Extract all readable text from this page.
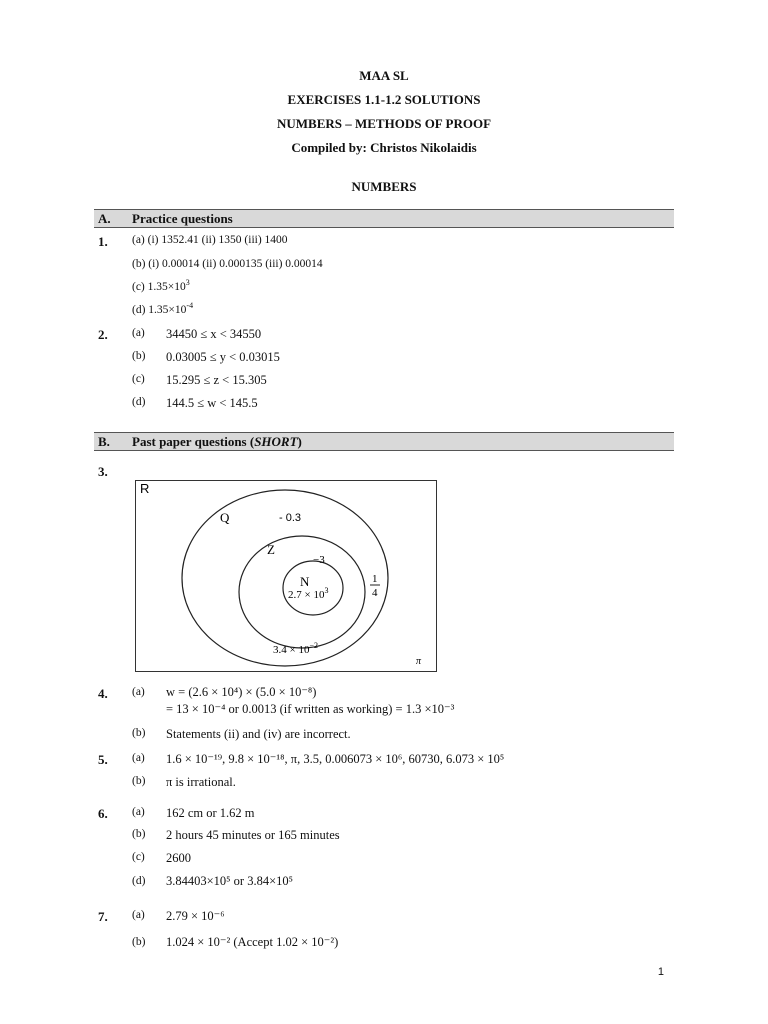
MAA SL
EXERCISES 1.1-1.2 SOLUTIONS
NUMBERS – METHODS OF PROOF
Compiled by: Christos Nikolaidis
NUMBERS
A. Practice questions
1. (a) (i) 1352.41 (ii) 1350 (iii) 1400
(b) (i) 0.00014 (ii) 0.000135 (iii) 0.00014
(c) $1.35\times 10^3$
(d) $1.35\times 10^{-4}$
2. (a) 34450 ≤ x < 34550
(b) 0.03005 ≤ y < 0.03015
(c) 15.295 ≤ z < 15.305
(d) 144.5 ≤ w < 145.5
B. Past paper questions (SHORT)
3.
R
Q	- 0.3
Z
−3
N
$2.7 \times 10^3$
1
4
$3.4 \times 10^{-2}$
π
4. (a) w = (2.6 × 10⁴) × (5.0 × 10⁻⁸)
= 13 × 10⁻⁴ or 0.0013 (if written as working) = 1.3 ×10⁻³
(b) Statements (ii) and (iv) are incorrect.
5. (a) 1.6 × 10⁻¹⁹, 9.8 × 10⁻¹⁸, π, 3.5, 0.006073 × 10⁶, 60730, 6.073 × 10⁵
(b) π is irrational.
6. (a) 162 cm or 1.62 m
(b) 2 hours 45 minutes or 165 minutes
(c) 2600
(d) 3.84403×10⁵ or 3.84×10⁵
7. (a) 2.79 × 10⁻⁶
(b) 1.024 × 10⁻² (Accept 1.02 × 10⁻²)
1
